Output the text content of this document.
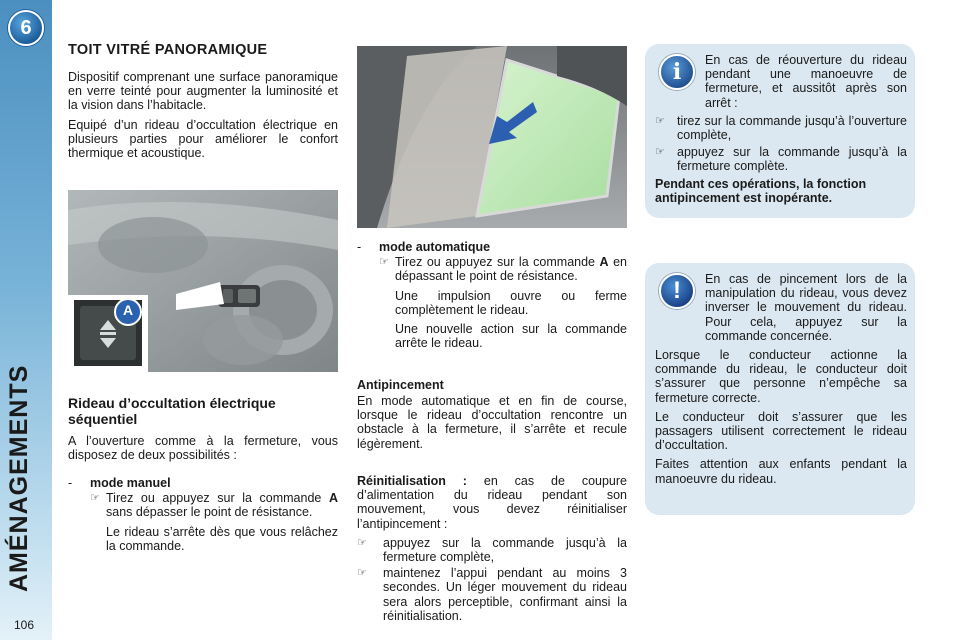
6
AMÉNAGEMENTS
106
TOIT VITRÉ PANORAMIQUE

Dispositif comprenant une surface panoramique en verre teinté pour augmenter la luminosité et la vision dans l’habitacle.

Equipé d’un rideau d’occultation électrique en plusieurs parties pour améliorer le confort thermique et acoustique.

A
Rideau d’occultation électrique séquentiel
A l’ouverture comme à la fermeture, vous disposez de deux possibilités :
-	mode manuel
☞ Tirez ou appuyez sur la commande A sans dépasser le point de résistance.
Le rideau s’arrête dès que vous relâchez la commande.
-	mode automatique
☞ Tirez ou appuyez sur la commande A en dépassant le point de résistance.
Une impulsion ouvre ou ferme complètement le rideau.
Une nouvelle action sur la commande arrête le rideau.
Antipincement
En mode automatique et en fin de course, lorsque le rideau d’occultation rencontre un obstacle à la fermeture, il s’arrête et recule légèrement.

Réinitialisation : en cas de coupure d’alimentation du rideau pendant son mouvement, vous devez réinitialiser l’antipincement :

☞	appuyez sur la commande jusqu’à la fermeture complète,
☞	maintenez l’appui pendant au moins 3 secondes. Un léger mouvement du rideau sera alors perceptible, confirmant ainsi la réinitialisation.
i	En cas de réouverture du rideau pendant une manoeuvre de fermeture, et aussitôt après son arrêt :

☞ tirez sur la commande jusqu’à l’ouverture complète,
☞ appuyez sur la commande jusqu’à la fermeture complète.

Pendant ces opérations, la fonction antipincement est inopérante.

!	En cas de pincement lors de la manipulation du rideau, vous devez inverser le mouvement du rideau. Pour cela, appuyez sur la commande concernée.

Lorsque le conducteur actionne la commande du rideau, le conducteur doit s’assurer que personne n’empêche sa fermeture correcte.

Le conducteur doit s’assurer que les passagers utilisent correctement le rideau d’occultation.

Faites attention aux enfants pendant la manoeuvre du rideau.
